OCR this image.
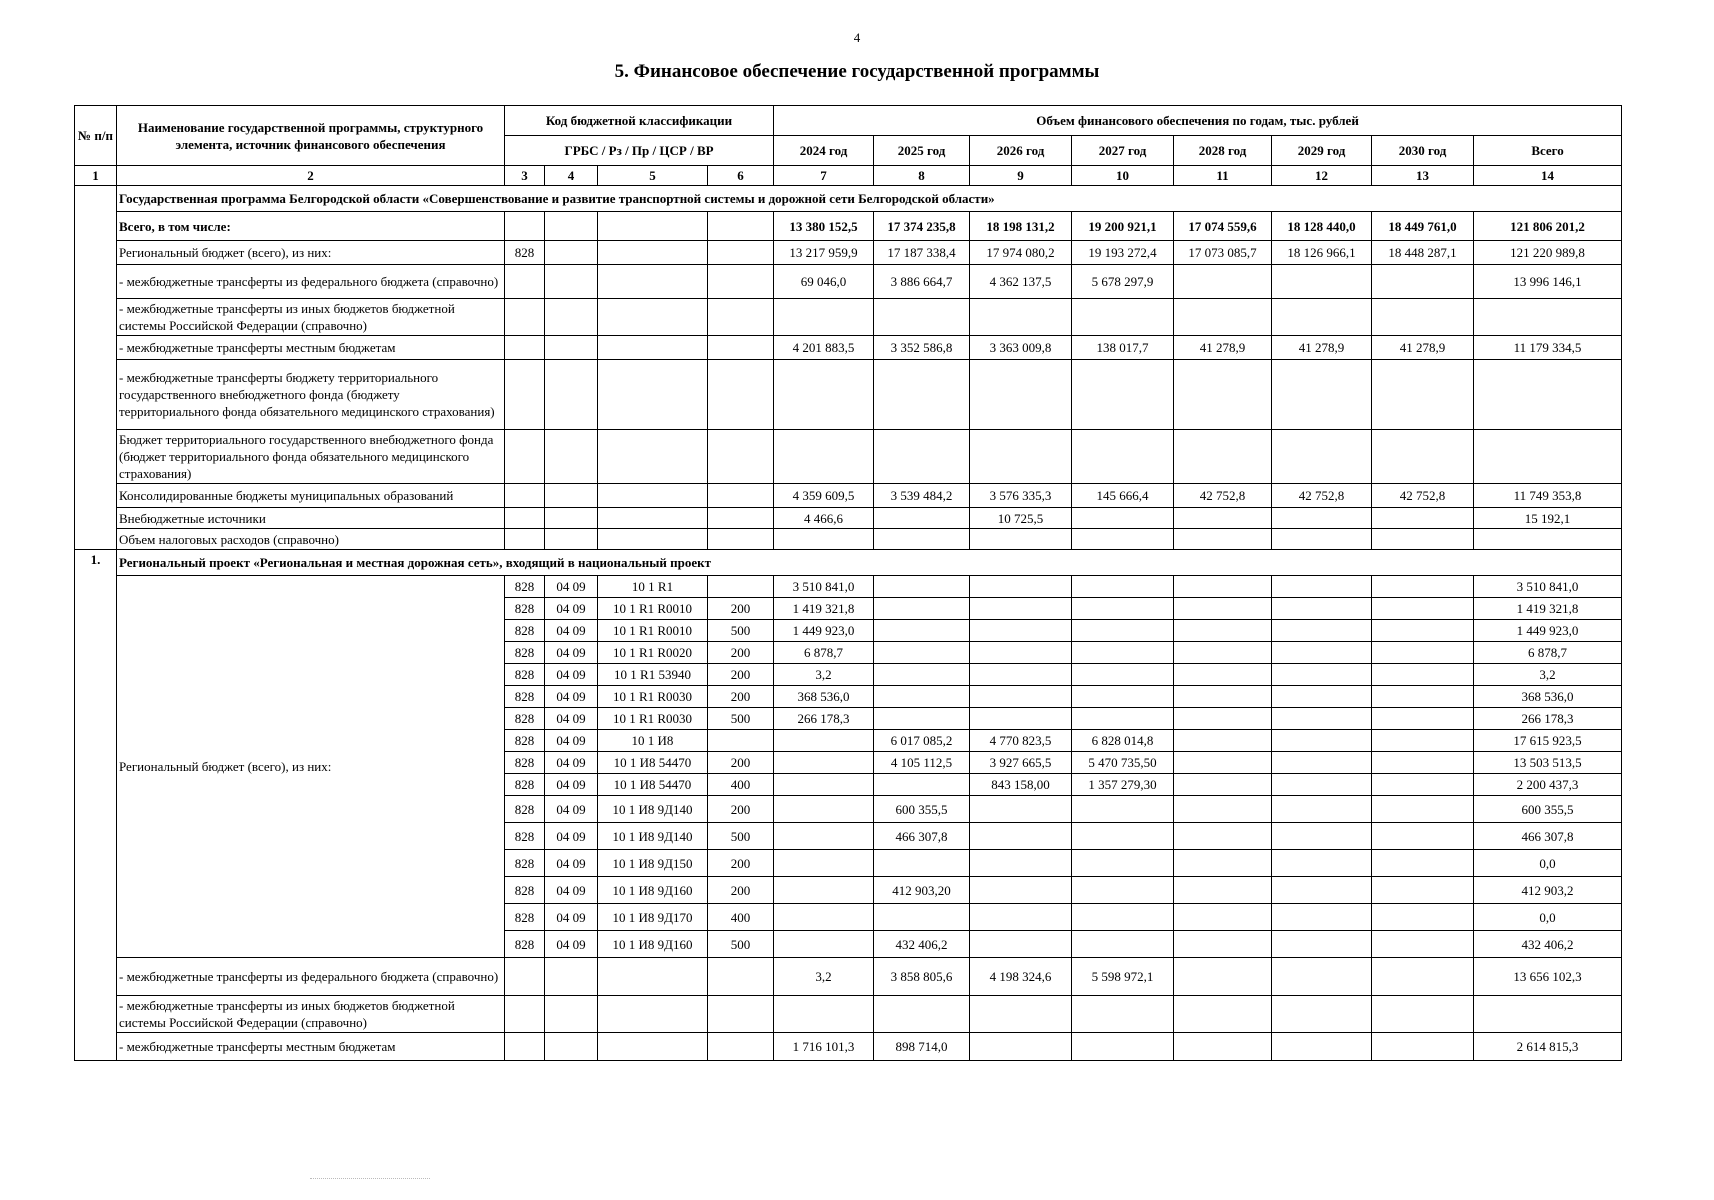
4
5. Финансовое обеспечение государственной программы
№ п/п	Наименование государственной программы, структурного элемента, источник финансового обеспечения	Код бюджетной классификации				Объем финансового обеспечения по годам, тыс. рублей							
		ГРБС / Рз / Пр / ЦСР / ВР				2024 год	2025 год	2026 год	2027 год	2028 год	2029 год	2030 год	Всего
1	2	3	4	5	6	7	8	9	10	11	12	13	14
	Государственная программа Белгородской области «Совершенствование и развитие транспортной системы и дорожной сети Белгородской области»												
	Всего, в том числе:					13 380 152,5	17 374 235,8	18 198 131,2	19 200 921,1	17 074 559,6	18 128 440,0	18 449 761,0	121 806 201,2
	Региональный бюджет (всего), из них:	828				13 217 959,9	17 187 338,4	17 974 080,2	19 193 272,4	17 073 085,7	18 126 966,1	18 448 287,1	121 220 989,8
	- межбюджетные трансферты из федерального бюджета (справочно)					69 046,0	3 886 664,7	4 362 137,5	5 678 297,9				13 996 146,1
	- межбюджетные трансферты из иных бюджетов бюджетной системы Российской Федерации (справочно)												
	- межбюджетные трансферты местным бюджетам					4 201 883,5	3 352 586,8	3 363 009,8	138 017,7	41 278,9	41 278,9	41 278,9	11 179 334,5
	- межбюджетные трансферты бюджету территориального государственного внебюджетного фонда (бюджету территориального фонда обязательного медицинского страхования)												
	Бюджет территориального государственного внебюджетного фонда (бюджет территориального фонда обязательного медицинского страхования)												
	Консолидированные бюджеты муниципальных образований					4 359 609,5	3 539 484,2	3 576 335,3	145 666,4	42 752,8	42 752,8	42 752,8	11 749 353,8
	Внебюджетные источники					4 466,6		10 725,5					15 192,1
	Объем налоговых расходов (справочно)												
1.	Региональный проект «Региональная и местная дорожная сеть», входящий в национальный проект												
	Региональный бюджет (всего), из них:	828	04 09	10 1 R1		3 510 841,0							3 510 841,0
		828	04 09	10 1 R1 R0010	200	1 419 321,8							1 419 321,8
		828	04 09	10 1 R1 R0010	500	1 449 923,0							1 449 923,0
		828	04 09	10 1 R1 R0020	200	6 878,7							6 878,7
		828	04 09	10 1 R1 53940	200	3,2							3,2
		828	04 09	10 1 R1 R0030	200	368 536,0							368 536,0
		828	04 09	10 1 R1 R0030	500	266 178,3							266 178,3
		828	04 09	10 1 И8			6 017 085,2	4 770 823,5	6 828 014,8				17 615 923,5
		828	04 09	10 1 И8 54470	200		4 105 112,5	3 927 665,5	5 470 735,50				13 503 513,5
		828	04 09	10 1 И8 54470	400			843 158,00	1 357 279,30				2 200 437,3
		828	04 09	10 1 И8 9Д140	200		600 355,5						600 355,5
		828	04 09	10 1 И8 9Д140	500		466 307,8						466 307,8
		828	04 09	10 1 И8 9Д150	200								0,0
		828	04 09	10 1 И8 9Д160	200		412 903,20						412 903,2
		828	04 09	10 1 И8 9Д170	400								0,0
		828	04 09	10 1 И8 9Д160	500		432 406,2						432 406,2
	- межбюджетные трансферты из федерального бюджета (справочно)					3,2	3 858 805,6	4 198 324,6	5 598 972,1				13 656 102,3
	- межбюджетные трансферты из иных бюджетов бюджетной системы Российской Федерации (справочно)												
	- межбюджетные трансферты местным бюджетам					1 716 101,3	898 714,0						2 614 815,3
